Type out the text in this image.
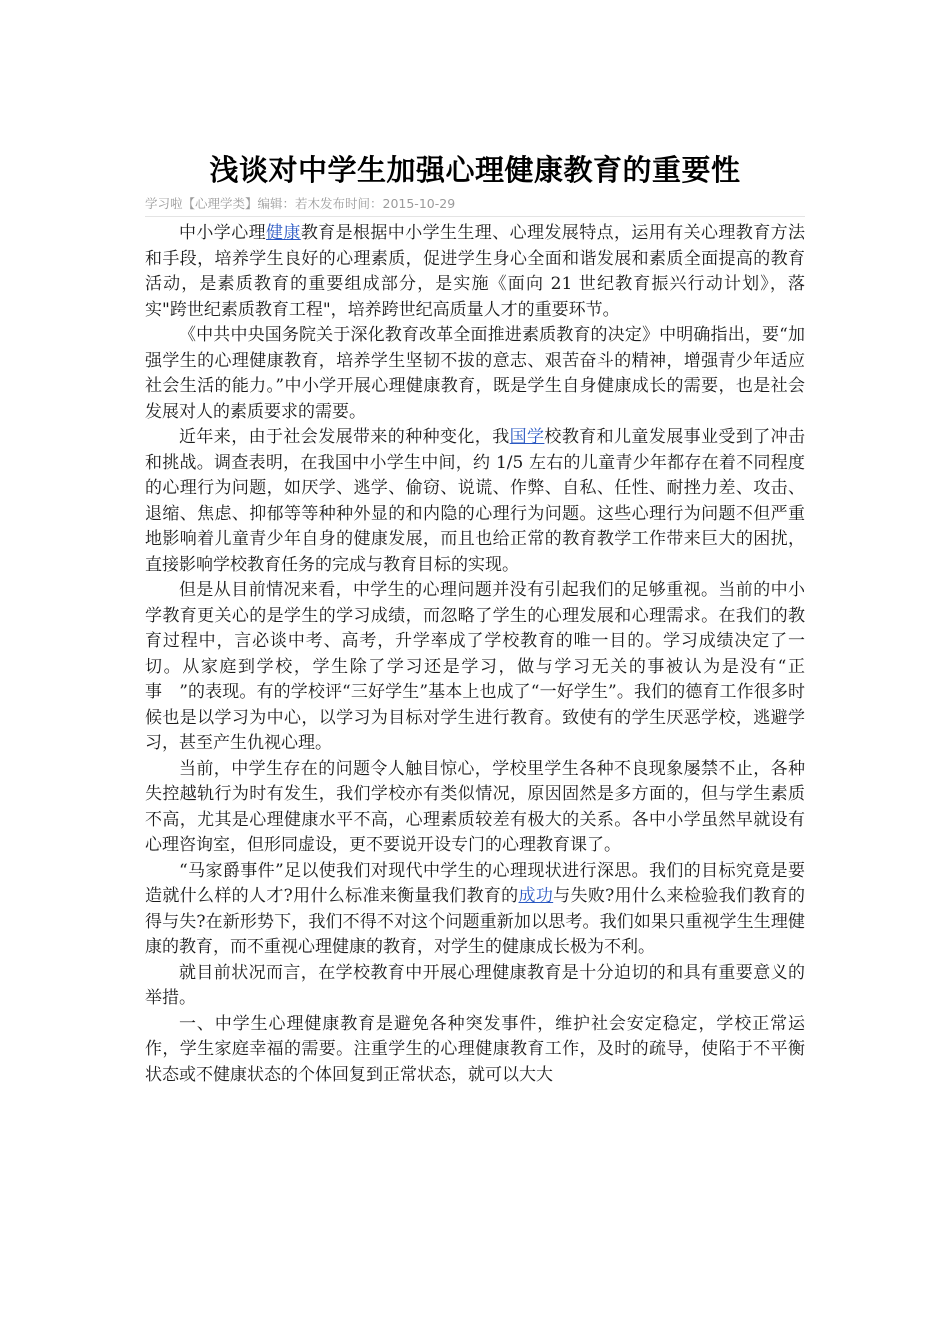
浅谈对中学生加强心理健康教育的重要性
学习啦【心理学类】编辑：若木发布时间：2015-10-29

中小学心理健康教育是根据中小学生生理、心理发展特点，运用有关心理教育方法和手段，培养学生良好的心理素质，促进学生身心全面和谐发展和素质全面提高的教育活动，是素质教育的重要组成部分，是实施《面向 21 世纪教育振兴行动计划》，落实"跨世纪素质教育工程"，培养跨世纪高质量人才的重要环节。

《中共中央国务院关于深化教育改革全面推进素质教育的决定》中明确指出，要“加强学生的心理健康教育，培养学生坚韧不拔的意志、艰苦奋斗的精神，增强青少年适应社会生活的能力。”中小学开展心理健康教育，既是学生自身健康成长的需要，也是社会发展对人的素质要求的需要。

近年来，由于社会发展带来的种种变化，我国学校教育和儿童发展事业受到了冲击和挑战。调查表明，在我国中小学生中间，约 1/5 左右的儿童青少年都存在着不同程度的心理行为问题，如厌学、逃学、偷窃、说谎、作弊、自私、任性、耐挫力差、攻击、退缩、焦虑、抑郁等等种种外显的和内隐的心理行为问题。这些心理行为问题不但严重地影响着儿童青少年自身的健康发展，而且也给正常的教育教学工作带来巨大的困扰，直接影响学校教育任务的完成与教育目标的实现。

但是从目前情况来看，中学生的心理问题并没有引起我们的足够重视。当前的中小学教育更关心的是学生的学习成绩，而忽略了学生的心理发展和心理需求。在我们的教育过程中，言必谈中考、高考，升学率成了学校教育的唯一目的。学习成绩决定了一切。从家庭到学校，学生除了学习还是学习，做与学习无关的事被认为是没有“正事　”的表现。有的学校评“三好学生”基本上也成了“一好学生”。我们的德育工作很多时候也是以学习为中心，以学习为目标对学生进行教育。致使有的学生厌恶学校，逃避学习，甚至产生仇视心理。

当前，中学生存在的问题令人触目惊心，学校里学生各种不良现象屡禁不止，各种失控越轨行为时有发生，我们学校亦有类似情况，原因固然是多方面的，但与学生素质不高，尤其是心理健康水平不高，心理素质较差有极大的关系。各中小学虽然早就设有心理咨询室，但形同虚设，更不要说开设专门的心理教育课了。

“马家爵事件”足以使我们对现代中学生的心理现状进行深思。我们的目标究竟是要造就什么样的人才?用什么标准来衡量我们教育的成功与失败?用什么来检验我们教育的得与失?在新形势下，我们不得不对这个问题重新加以思考。我们如果只重视学生生理健康的教育，而不重视心理健康的教育，对学生的健康成长极为不利。

就目前状况而言，在学校教育中开展心理健康教育是十分迫切的和具有重要意义的举措。

一、中学生心理健康教育是避免各种突发事件，维护社会安定稳定，学校正常运作，学生家庭幸福的需要。注重学生的心理健康教育工作，及时的疏导，使陷于不平衡状态或不健康状态的个体回复到正常状态，就可以大大
